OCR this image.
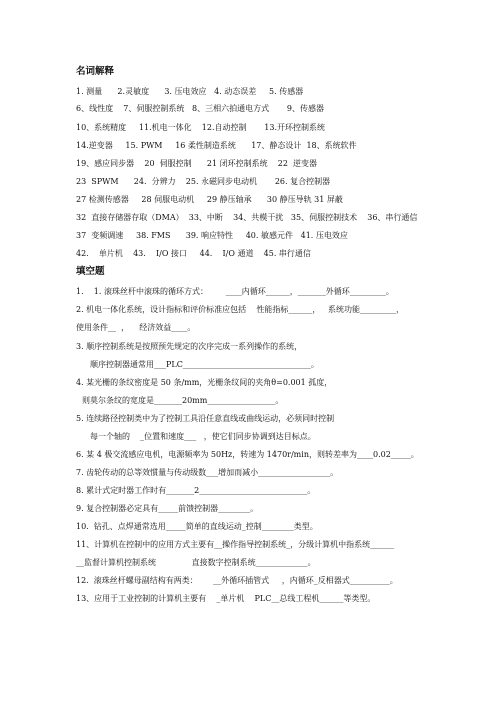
名词解释
1. 测量      2.灵敏度      3. 压电效应   4. 动态误差     5. 传感器
6、线性度    7、伺服控制系统   8、三相六拍通电方式       9、传感器
10、系统精度     11.机电一体化    12.自动控制       13.开环控制系统
14.逆变器     15. PWM     16 柔性制造系统      17、静态设计  18、系统软件
19、感应同步器    20  伺服控制      21 闭环控制系统    22  逆变器
23  SPWM      24.  分辨力    25. 永磁同步电动机       26. 复合控制器
27 检测传感器     28 伺服电动机     29 静压轴承      30 静压导轨 31 屏蔽
32  直接存储器存取（DMA）  33、中断    34、共模干扰   35、伺服控制技术    36、串行通信
37  变频调速     38. FMS      39. 响应特性     40. 敏感元件   41. 压电效应
42.    单片机    43.    I/O 接口     44.    I/O 通道    45. 串行通信
填空题
1.    1. 滚珠丝杆中滚珠的循环方式：       ____内循环______，_______外循环_________。
2. 机电一体化系统，设计指标和评价标准应包括    性能指标______，   系统功能_________，
使用条件__  ，    经济效益____。
3. 顺序控制系统是按照预先规定的次序完成一系列操作的系统，
顺序控制器通常用___PLC________________________________。
4. 某光栅的条纹密度是 50 条/mm，光栅条纹间的夹角θ=0.001 孤度，
则莫尔条纹的宽度是_______20mm_________________。
5. 连续路径控制类中为了控制工具沿任意直线或曲线运动，必须同时控制
每一个轴的    _位置和速度___   ，使它们同步协调到达目标点。
6. 某 4 极交流感应电机，电源频率为 50Hz，转速为 1470r/min，则转差率为____0.02_____。
7. 齿轮传动的总等效惯量与传动级数___增加而减小__________________。
8. 累计式定时器工作时有_______2___________________________。
9. 复合控制器必定具有_____前馈控制器________。
10.  钻孔、点焊通常选用_____简单的直线运动_控制________类型。
11、计算机在控制中的应用方式主要有__操作指导控制系统_，分级计算机中指系统______
__监督计算机控制系统              直接数字控制系统_____________。
12.  滚珠丝杆螺母副结构有两类：      __外循环插管式     ，内循环_反相器式__________。
13、应用于工业控制的计算机主要有    _单片机    PLC__总线工程机______等类型。
